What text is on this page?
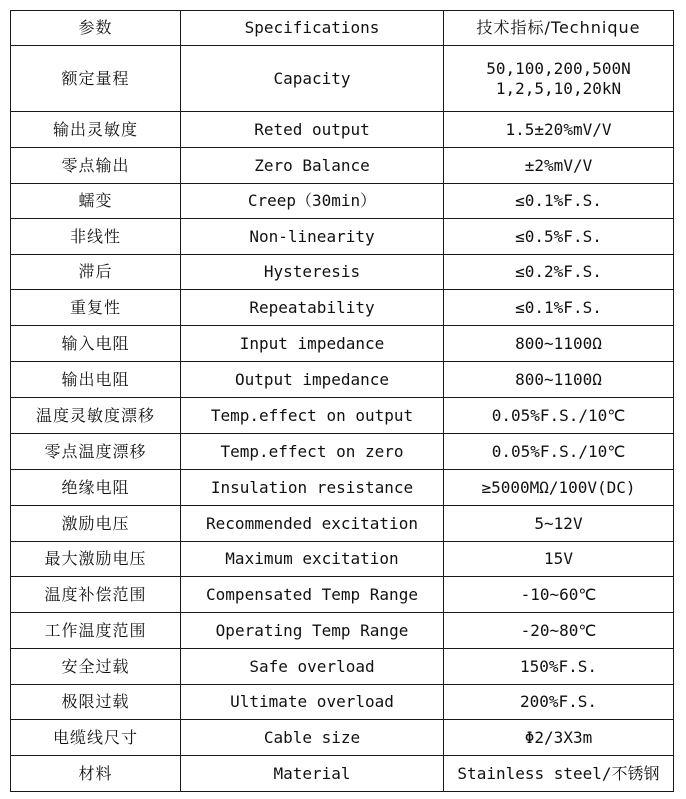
参数	Specifications	技术指标/Technique
额定量程	Capacity	50,100,200,500N
1,2,5,10,20kN

输出灵敏度	Reted output	1.5±20%mV/V
零点输出	Zero Balance	±2%mV/V
蠕变	Creep（30min）	≤0.1%F.S.
非线性	Non-linearity	≤0.5%F.S.
滞后	Hysteresis	≤0.2%F.S.
重复性	Repeatability	≤0.1%F.S.
输入电阻	Input impedance	800~1100Ω
输出电阻	Output impedance	800~1100Ω
温度灵敏度漂移	Temp.effect on output	0.05%F.S./10℃
零点温度漂移	Temp.effect on zero	0.05%F.S./10℃
绝缘电阻	Insulation resistance	≥5000MΩ/100V(DC)
激励电压	Recommended excitation	5~12V
最大激励电压	Maximum excitation	15V
温度补偿范围	Compensated Temp Range	-10~60℃
工作温度范围	Operating Temp Range	-20~80℃
安全过载	Safe overload	150%F.S.
极限过载	Ultimate overload	200%F.S.
电缆线尺寸	Cable size	Φ2/3X3m
材料	Material	Stainless steel/不锈钢
